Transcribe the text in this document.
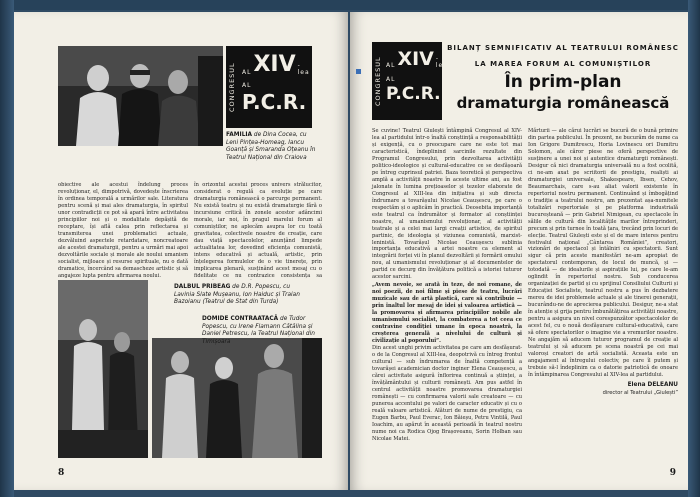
CONGRESUL AL XIV -lea
AL
P.C.R.
FAMILIA de Dina Cocea, cu Leni Pințea-Homeag, Iancu Goanță și Smaranda Oțeanu în Teatrul Național din Craiova

obiective ale acestui îndelung proces revoluționar, el, dimpotrivă, dovedește înscrierea în ordinea temporală a urmărilor sale. Literatura pentru scenă și mai ales dramaturgia, în spiritul unor contradicții ce pot să apară între activitatea principiilor noi și o modalitate depășită de receptare, își află calea prin reflectarea și transmiterea unei problematici actuale, dezvăluind aspectele retardatare, noncreatoare ale acestei dramaturgii, pentru a urmări mai apoi dezvoltările sociale și morale ale noului umanism socialist, mijloace și resurse spirituale, nu o dată dramatice, încercând sa demascheze artistic și să angajeze lupta pentru afirmarea noului.

în orizontul acestui proces univers strălucitor, considerat o regulă ca evoluție pe care dramaturgia românească o parcurge permanent. Nu există teatru și nu există dramaturgie fără o incursiune critică în zonele acestor adâncimi morale, iar noi, în pragul marelui forum al comuniștilor, ne aplecăm asupra lor cu toată gravitatea, colectivele noastre de creație, care dau viață spectacolelor, anunțând limpede actualitatea lor, dovedind eficiența comunistă, intens educativă și actuală, artistic, prin înțelegerea formulelor de o vie tinerețe, prin implicarea plenară, susținând acest mesaj cu o fidelitate ce nu contrazice consistența sa

DALBUL PRIBEAG de D.R. Popescu, cu Lavinia Slate Mușeanu, Ion Haiduc și Traian Bazoianu (Teatrul de Stat din Turda)
DOMIDE CONTRAATACĂ de Tudor Popescu, cu Irene Flamann Cătălina și Daniel Petrescu, la Teatrul Național din Timișoara
8
CONGRESUL AL XIV -lea
AL
P.C.R.
BILANȚ SEMNIFICATIV AL TEATRULUI ROMÂNESC
LA MAREA FORUM AL COMUNIȘTILOR
În prim-plan
dramaturgia românească

Se cuvine! Teatrul Giulești întâmpină Congresul al XIV-lea al partidului într-o înaltă conștiință a responsabilității și exigență, cu o preocupare care ne este tot mai caracteristică, îndeplinind sarcinile rezultate din Programul Congresului, prin dezvoltarea activității politico-ideologice și cultural-educative ce se desfășoară pe întreg cuprinsul patriei. Baza teoretică și perspectiva amplă a activității noastre în aceste ultime ani, au fost jalonate în lumina prețioaselor și tezelor elaborate de Congresul al XIII-lea din inițiativa și sub directa îndrumare a tovarășului Nicolae Ceaușescu, pe care o respectăm și o aplicăm în practică. Deosebita importanță este teatrul ca îndrumător și formator al conștiinței noastre, al umanismului revoluționar, al activității teatrale și a celei mai largi creații artistice, de spiritul partinic, de ideologia și viziunea comunistă, marxist-leninistă. Tovarășul Nicolae Ceaușescu sublinia importanța educativă a artei noastre ca element al integrării forței vii în planul dezvoltării și formării omului nou, al umanismului revoluționar și al documentelor de partid ce decurg din învățătura politică a istoriei tuturor acestor sarcini.

„Avem nevoie, se arată în teze, de noi romane, de noi poezii, de noi filme și piese de teatru, lucrări muzicale sau de artă plastică, care să contribuie — prin înaltul lor mesaj de idei și valoarea artistică — la promovarea și afirmarea principiilor nobile ale umanismului socialist, la combaterea a tot ceea ce contravine condiției umane în epoca noastră, la creșterea generală a nivelului de cultură și civilizație al poporului”.

Din acest unghi privim activitatea pe care am desfășurat-o de la Congresul al XIII-lea, deopotrivă cu întreg frontul cultural — sub îndrumarea de înaltă competență a tovarășei academician doctor inginer Elena Ceaușescu, a cărei activitate asigură înflorirea continuă a științei, a învățământului și culturii românești. Am pus astfel în centrul activității noastre promovarea dramaturgiei românești — cu confirmarea valorii sale creatoare — cu punerea accentului pe valori de caracter educativ și cu o reală valoare artistică. Alături de nume de prestigiu, ca Eugen Barbu, Paul Everac, Ion Băieșu, Petru Vintilă, Paul Ioachim, au apărut în această perioadă în teatrul nostru nume noi ca Rodica Ojog Brașoveanu, Sorin Holban sau Nicolae Matei.

Mărturii — ale cărui lucrări se bucură de o bună primire din partea publicului. În prezent, ne bucurăm de nume ca Ion Grigore Dumitrescu, Horia Lovinescu ori Dumitru Solomon, ale căror piese ne oferă perspective de susținere a unei noi și autentice dramaturgii românești. Desigur că nici dramaturgia universală nu a fost ocolită, ci ne-am axat pe scriitorii de prestigiu, realiști ai dramaturgiei universale, Shakespeare, Ibsen, Cehov, Beaumarchais, care s-au aliat valorii existente în repertoriul nostru permanent. Continuând și îmbogățind o tradiție a teatrului nostru, am prezentat așa-numitele totalizări repertoriale și pe platforma industrială bucureșteană — prin Gabriel Nimigean, cu spectacole în sălile de cultură din localitățile marilor întreprinderi, precum și prin turnee în toată țara, trecând prin locuri de elecție. Teatrul Giulești este și el de mare interes pentru festivalul național „Cântarea României”, creatori, vizionări de spectacol și întâlniri cu spectatorii. Sunt sigur că prin aceste manifestări ne-am apropiat de spectatorul contemporan, de locul de muncă, și — totodată — de idealurile și aspirațiile lui, pe care le-am oglindit în repertoriul nostru. Sub conducerea organizației de partid și cu sprijinul Consiliului Culturii și Educației Socialiste, teatrul nostru a pus în dezbatere mereu de idei problemele actuale și ale tinerei generații, bucurându-ne de aprecierea publicului. Desigur, ne-a stat în atenție și grija pentru îmbunătățirea activității noastre, pentru a asigura un nivel corespunzător spectacolelor de acest fel, cu o nouă desfășurare cultural-educativă, care să ofere spectatorilor o imagine vie a vremurilor noastre. Ne angajăm să aducem tuturor programul de creație al teatrului și să aducem pe scena noastră pe cei mai valoroși creatori de artă socialistă. Aceasta este un angajament al întregului colectiv, pe care îl putem și trebuie să-l îndeplinim ca o datorie patriotică de onoare în întâmpinarea Congresului al XIV-lea al partidului.

Elena DELEANU
director al Teatrului „Giulești”
9
